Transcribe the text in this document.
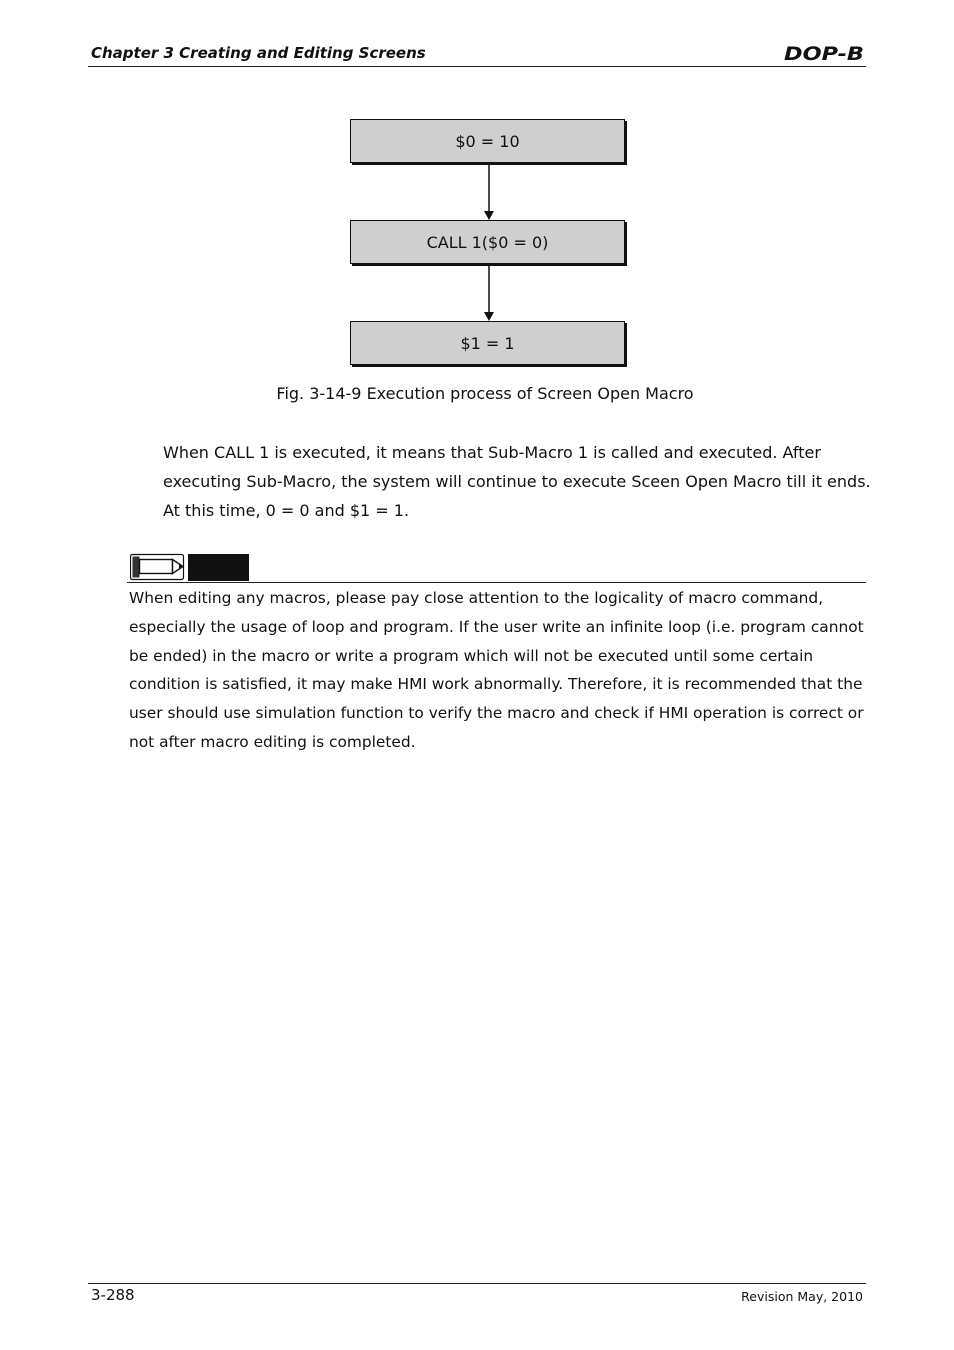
Chapter 3 Creating and Editing Screens	DOP-B
$0 = 10
CALL 1($0 = 0)
$1 = 1
Fig. 3-14-9 Execution process of Screen Open Macro
When CALL 1 is executed, it means that Sub-Macro 1 is called and executed. After
executing Sub-Macro, the system will continue to execute Sceen Open Macro till it ends.
At this time, 0 = 0 and $1 = 1.
When editing any macros, please pay close attention to the logicality of macro command,
especially the usage of loop and program. If the user write an infinite loop (i.e. program cannot
be ended) in the macro or write a program which will not be executed until some certain
condition is satisfied, it may make HMI work abnormally. Therefore, it is recommended that the
user should use simulation function to verify the macro and check if HMI operation is correct or
not after macro editing is completed.
3-288	Revision May, 2010
